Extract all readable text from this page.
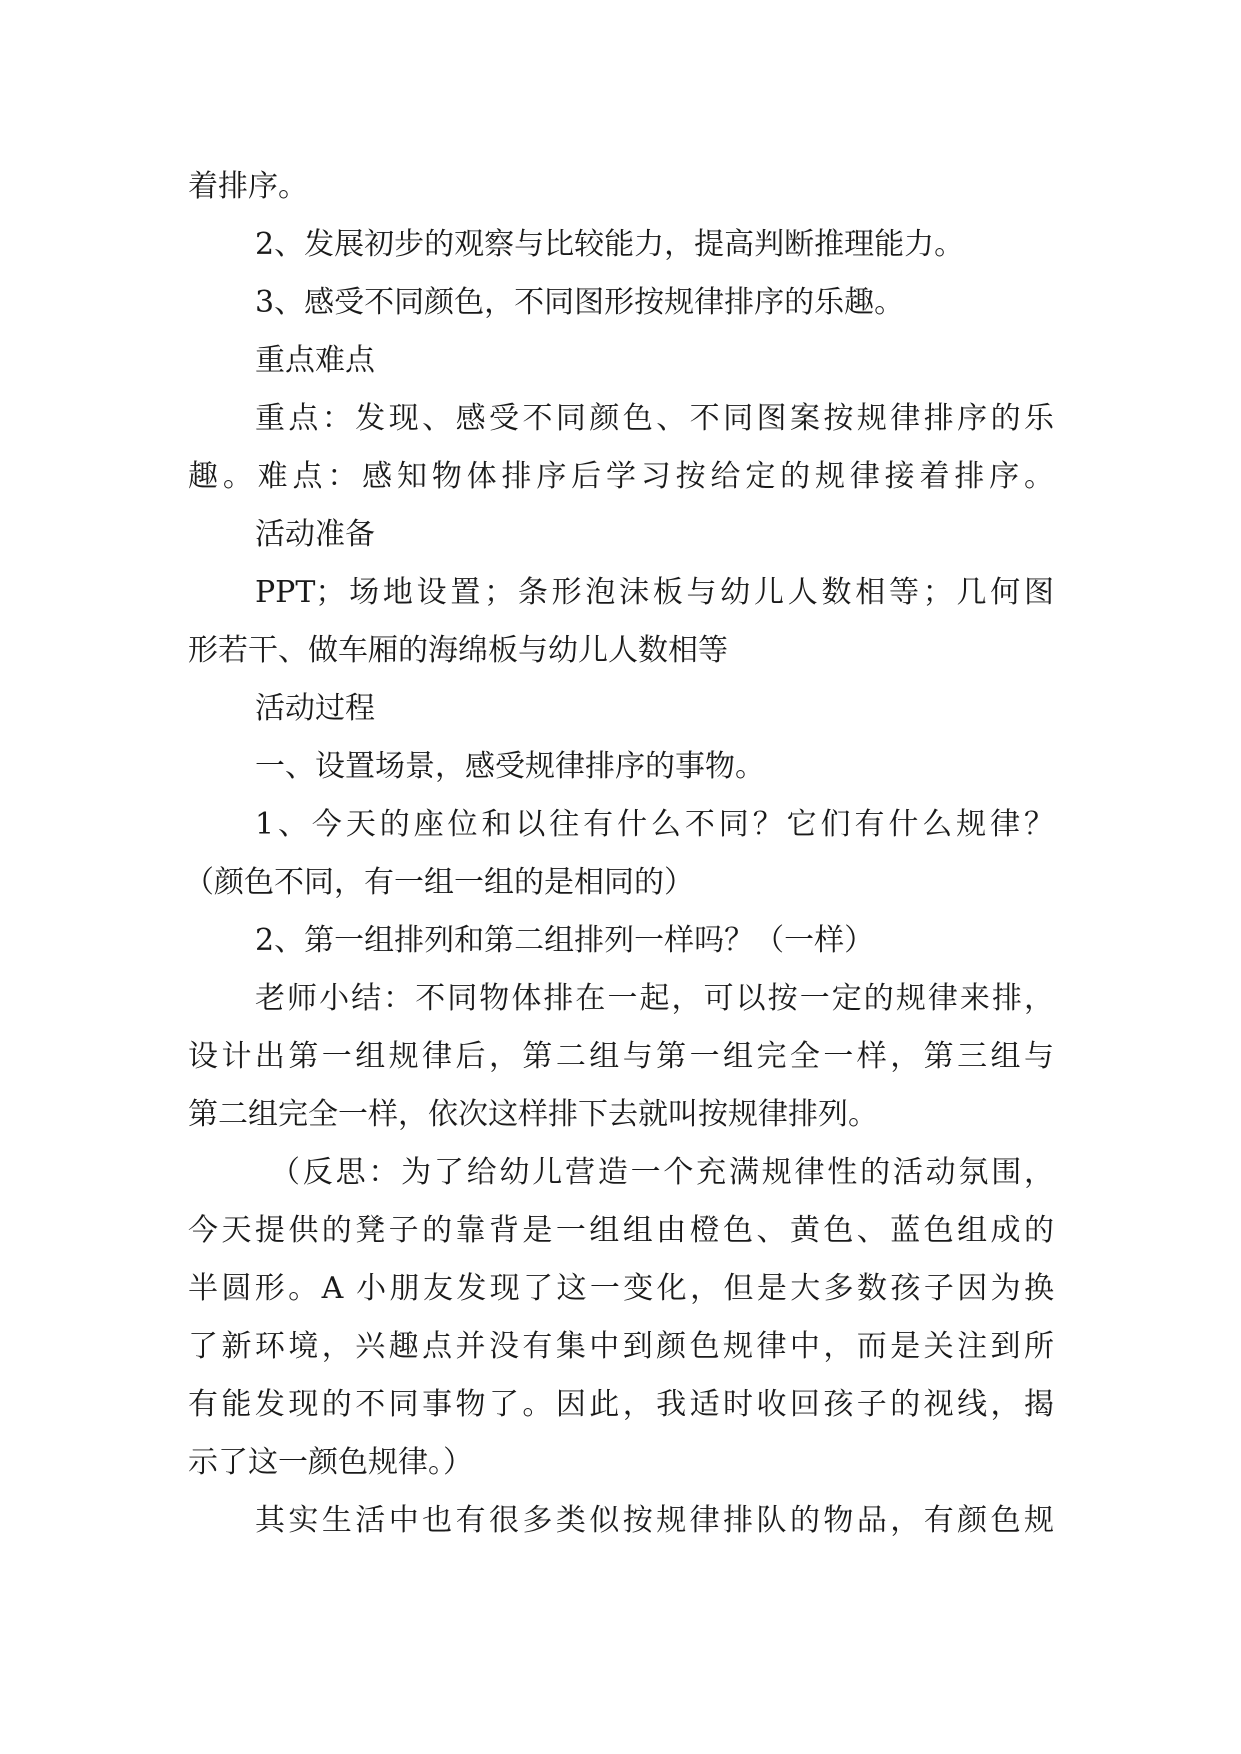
着排序。

2、发展初步的观察与比较能力，提高判断推理能力。

3、感受不同颜色，不同图形按规律排序的乐趣。

重点难点

重点：发现、感受不同颜色、不同图案按规律排序的乐

趣。难点：感知物体排序后学习按给定的规律接着排序。

活动准备

PPT；场地设置；条形泡沫板与幼儿人数相等；几何图

形若干、做车厢的海绵板与幼儿人数相等

活动过程

一、设置场景，感受规律排序的事物。

1、今天的座位和以往有什么不同？它们有什么规律？

（颜色不同，有一组一组的是相同的）

2、第一组排列和第二组排列一样吗？（一样）

老师小结：不同物体排在一起，可以按一定的规律来排，

设计出第一组规律后，第二组与第一组完全一样，第三组与

第二组完全一样，依次这样排下去就叫按规律排列。

（反思：为了给幼儿营造一个充满规律性的活动氛围，

今天提供的凳子的靠背是一组组由橙色、黄色、蓝色组成的

半圆形。A 小朋友发现了这一变化，但是大多数孩子因为换

了新环境，兴趣点并没有集中到颜色规律中，而是关注到所

有能发现的不同事物了。因此，我适时收回孩子的视线，揭

示了这一颜色规律。）

其实生活中也有很多类似按规律排队的物品，有颜色规
